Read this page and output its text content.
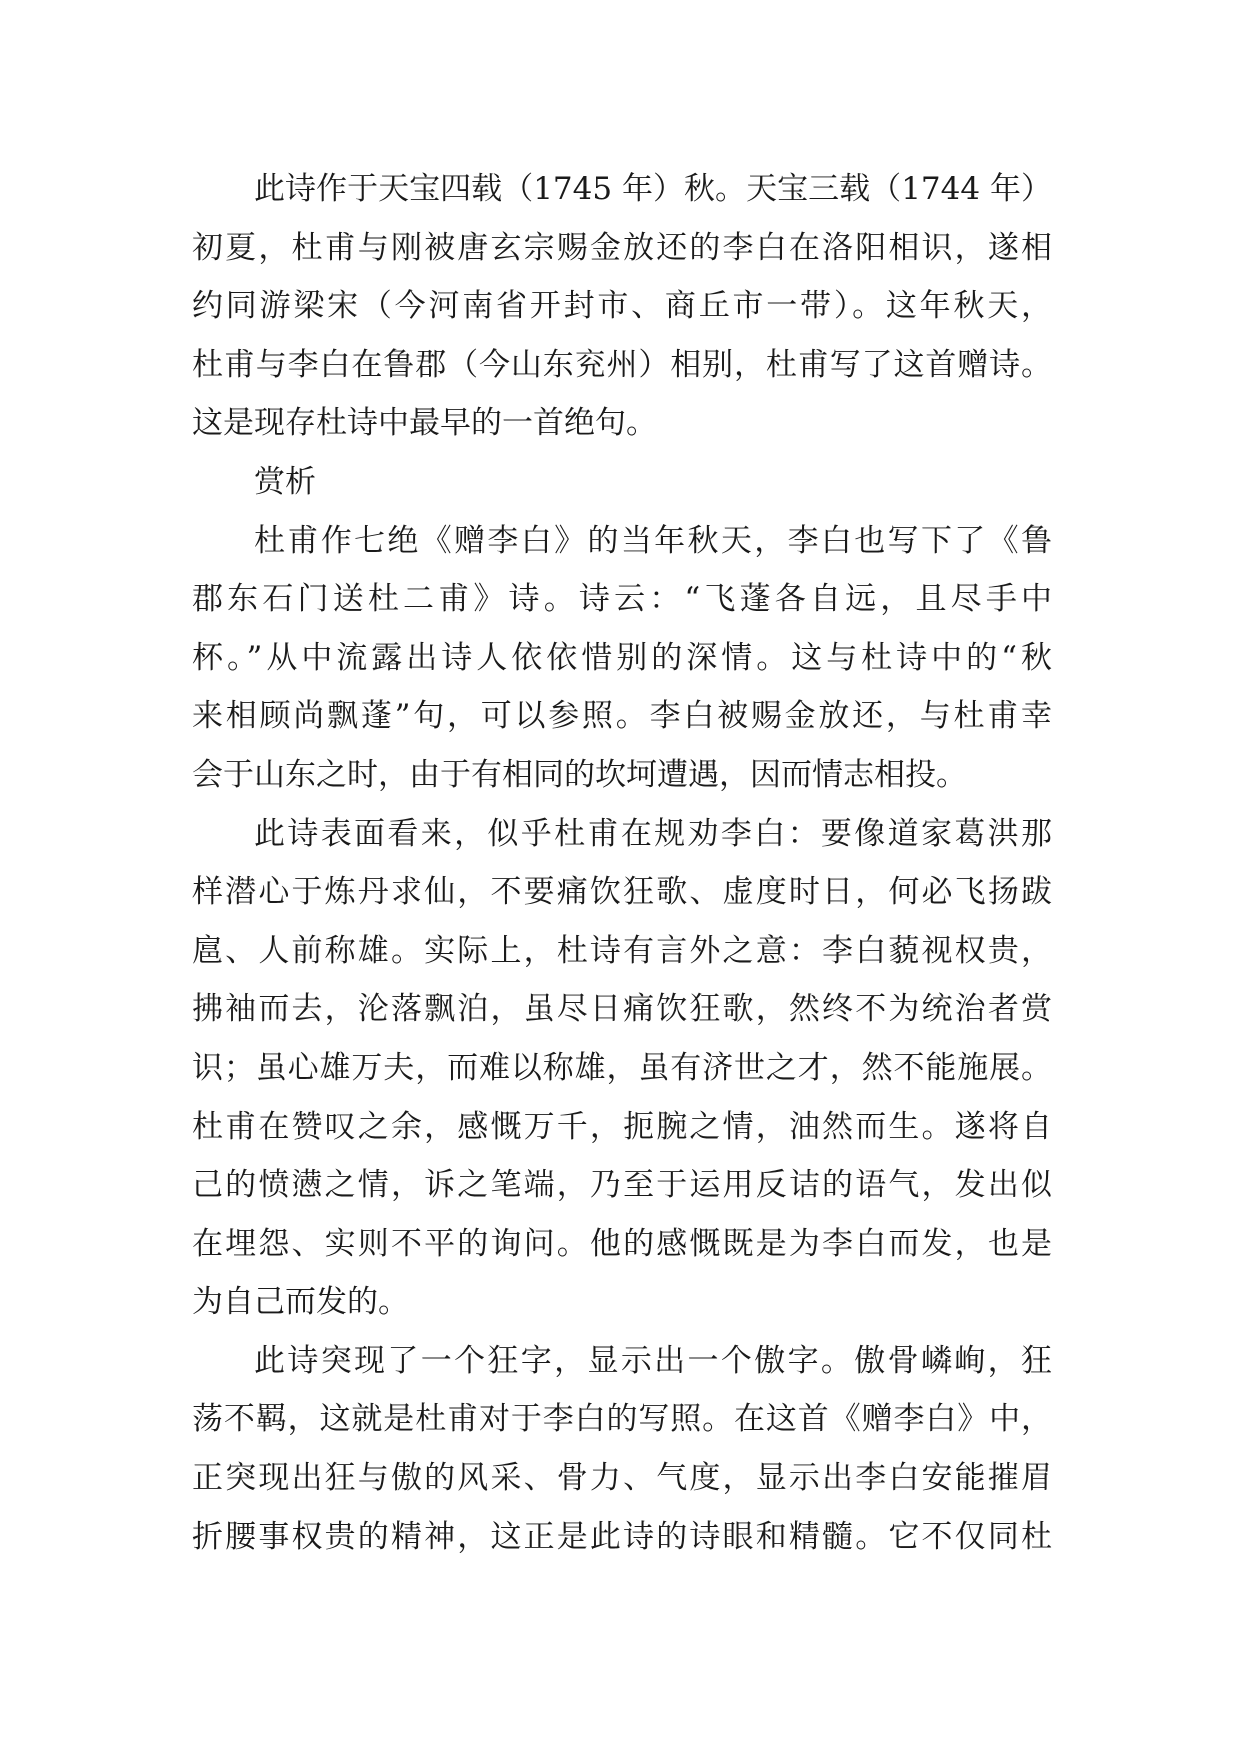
此诗作于天宝四载（1745 年）秋。天宝三载（1744 年）
初夏，杜甫与刚被唐玄宗赐金放还的李白在洛阳相识，遂相
约同游梁宋（今河南省开封市、商丘市一带）。这年秋天，
杜甫与李白在鲁郡（今山东兖州）相别，杜甫写了这首赠诗。
这是现存杜诗中最早的一首绝句。
赏析
杜甫作七绝《赠李白》的当年秋天，李白也写下了《鲁
郡东石门送杜二甫》诗。诗云：“飞蓬各自远，且尽手中
杯。”从中流露出诗人依依惜别的深情。这与杜诗中的“秋
来相顾尚飘蓬”句，可以参照。李白被赐金放还，与杜甫幸
会于山东之时，由于有相同的坎坷遭遇，因而情志相投。
此诗表面看来，似乎杜甫在规劝李白：要像道家葛洪那
样潜心于炼丹求仙，不要痛饮狂歌、虚度时日，何必飞扬跋
扈、人前称雄。实际上，杜诗有言外之意：李白藐视权贵，
拂袖而去，沦落飘泊，虽尽日痛饮狂歌，然终不为统治者赏
识；虽心雄万夫，而难以称雄，虽有济世之才，然不能施展。
杜甫在赞叹之余，感慨万千，扼腕之情，油然而生。遂将自
己的愤懑之情，诉之笔端，乃至于运用反诘的语气，发出似
在埋怨、实则不平的询问。他的感慨既是为李白而发，也是
为自己而发的。
此诗突现了一个狂字，显示出一个傲字。傲骨嶙峋，狂
荡不羁，这就是杜甫对于李白的写照。在这首《赠李白》中，
正突现出狂与傲的风采、骨力、气度，显示出李白安能摧眉
折腰事权贵的精神，这正是此诗的诗眼和精髓。它不仅同杜
